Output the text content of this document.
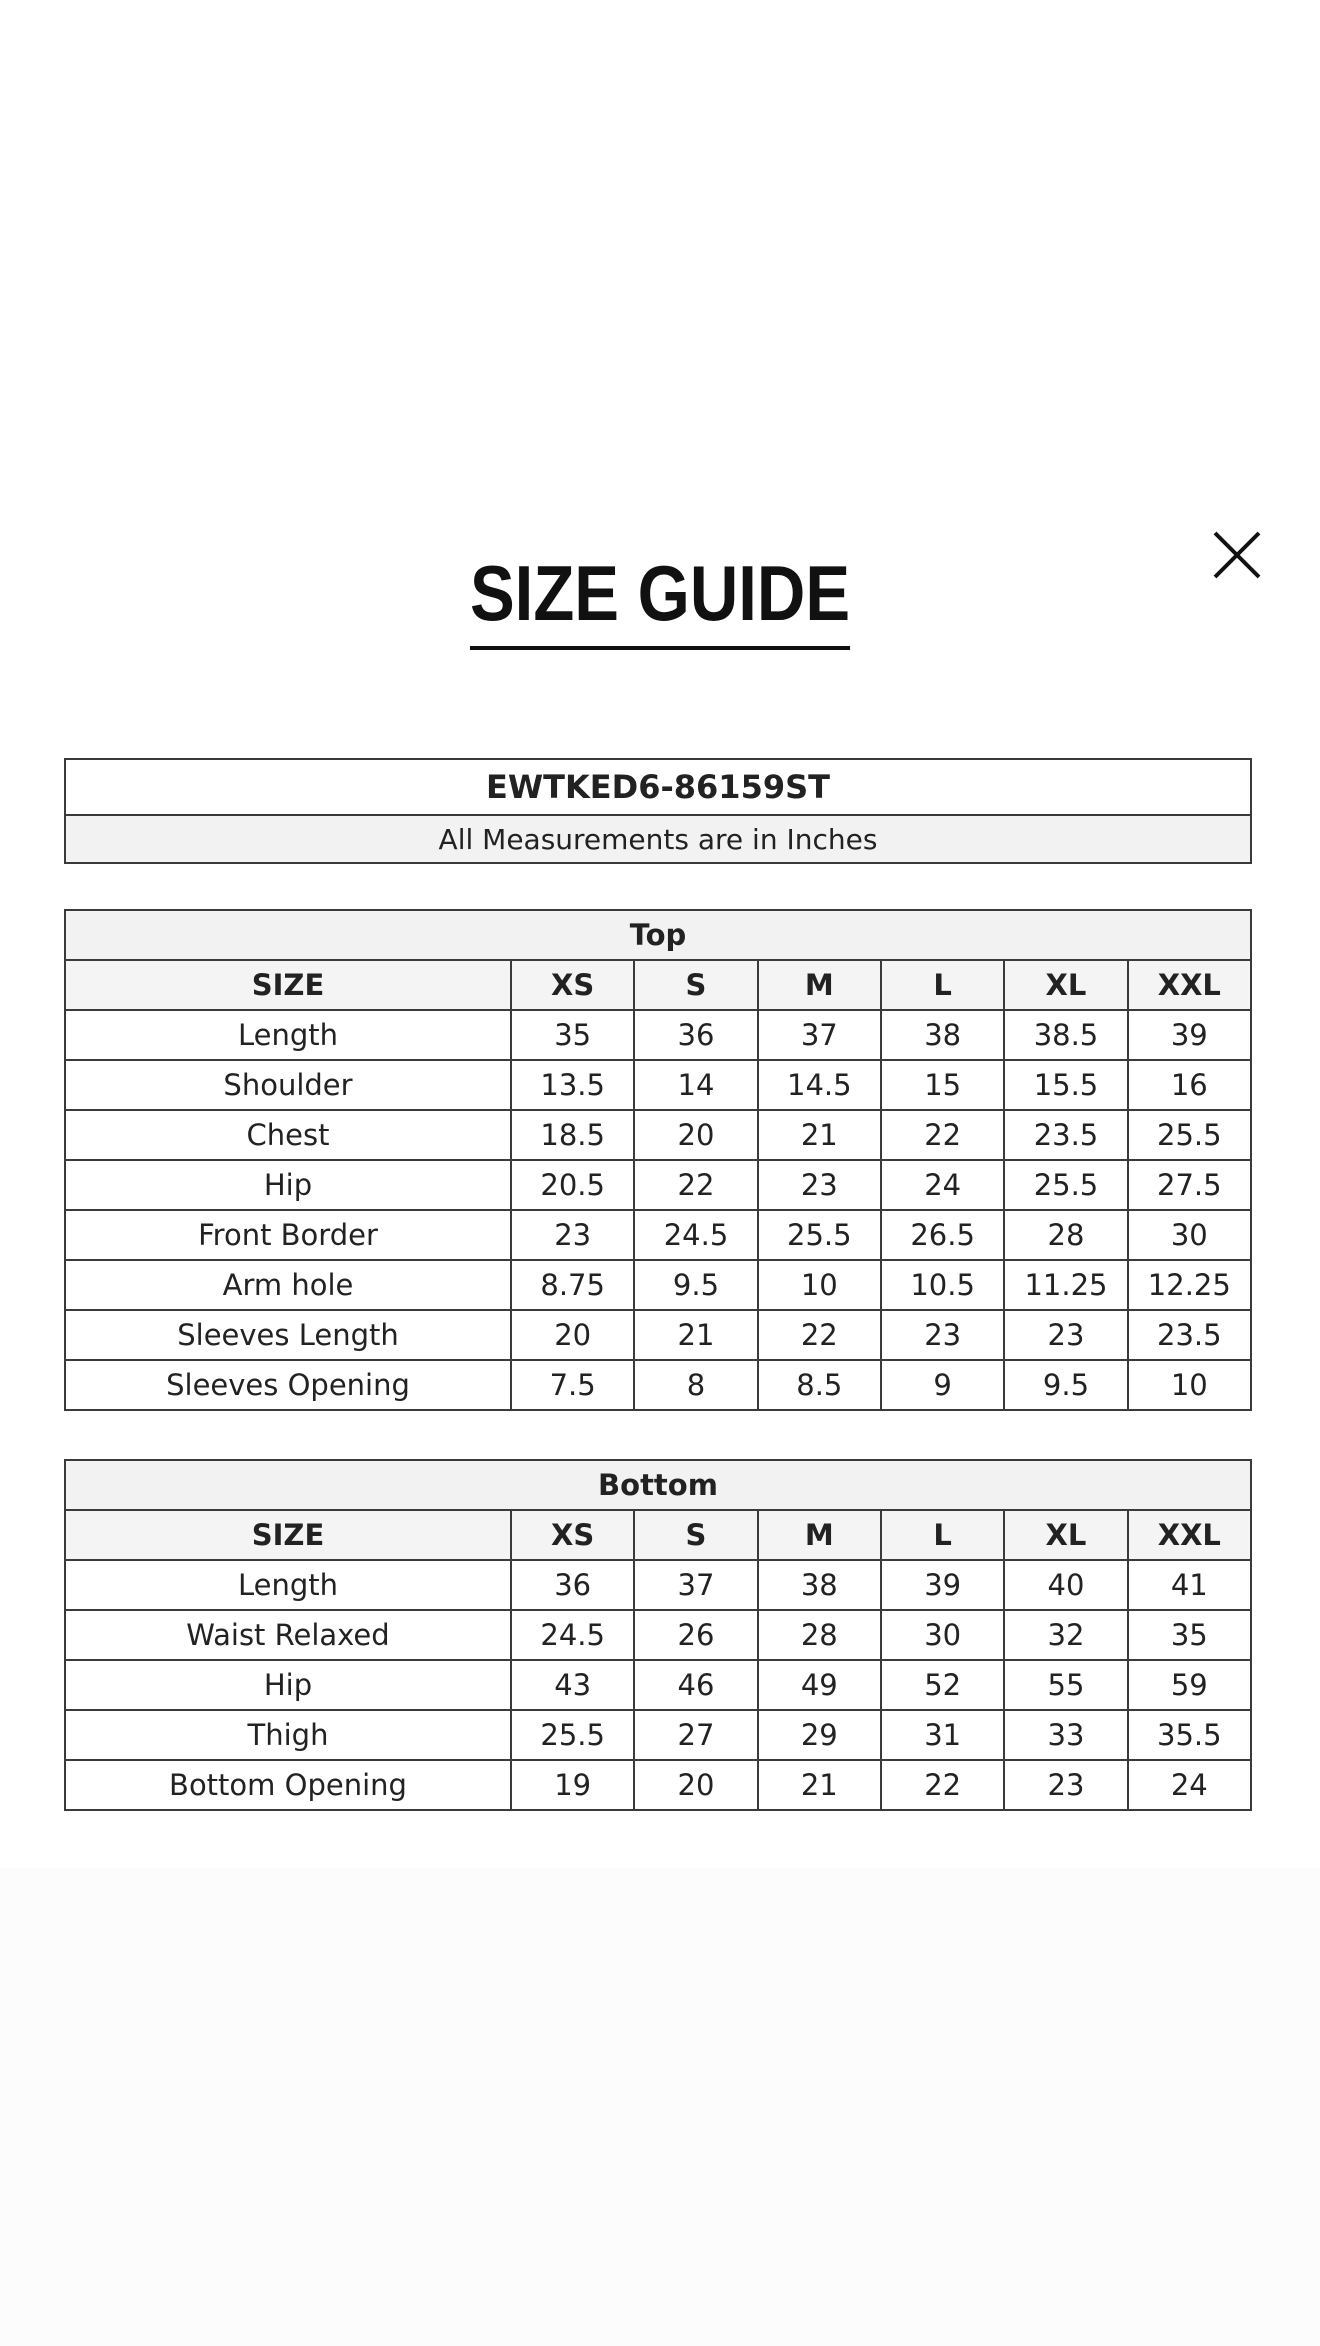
SIZE GUIDE
EWTKED6-86159ST
All Measurements are in Inches
Top						
SIZE	XS	S	M	L	XL	XXL
Length	35	36	37	38	38.5	39
Shoulder	13.5	14	14.5	15	15.5	16
Chest	18.5	20	21	22	23.5	25.5
Hip	20.5	22	23	24	25.5	27.5
Front Border	23	24.5	25.5	26.5	28	30
Arm hole	8.75	9.5	10	10.5	11.25	12.25
Sleeves Length	20	21	22	23	23	23.5
Sleeves Opening	7.5	8	8.5	9	9.5	10
Bottom						
SIZE	XS	S	M	L	XL	XXL
Length	36	37	38	39	40	41
Waist Relaxed	24.5	26	28	30	32	35
Hip	43	46	49	52	55	59
Thigh	25.5	27	29	31	33	35.5
Bottom Opening	19	20	21	22	23	24
